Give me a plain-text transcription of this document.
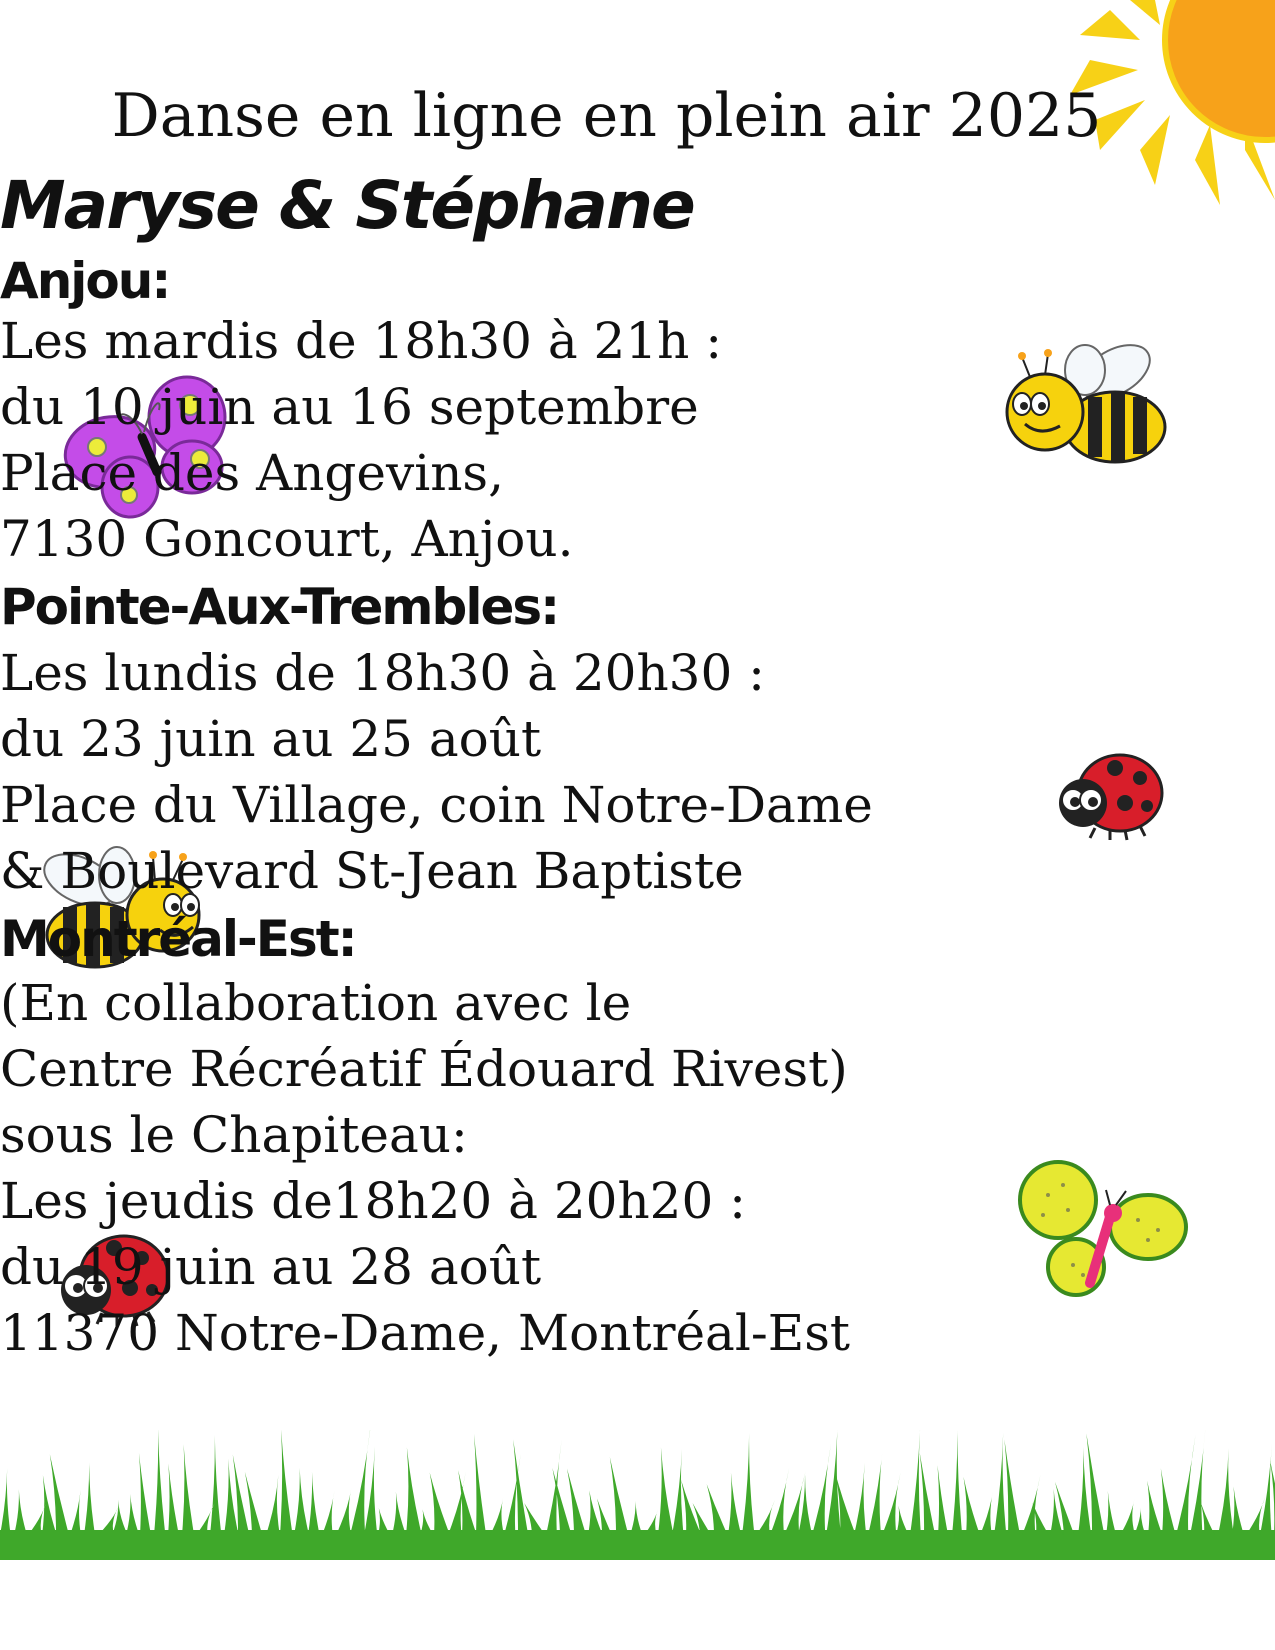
Danse en ligne en plein air 2025
Maryse & Stéphane
Anjou:
Les mardis de 18h30 à 21h :
du 10 juin au 16 septembre
Place des Angevins,
7130 Goncourt, Anjou.
Pointe-Aux-Trembles:
Les lundis de 18h30 à 20h30 :
du 23 juin au 25 août
Place du Village, coin Notre-Dame
& Boulevard St-Jean Baptiste
Montréal-Est:
(En collaboration avec le
Centre Récréatif Édouard Rivest)
sous le Chapiteau:
Les jeudis de18h20 à 20h20 :
du 19 juin au 28 août
11370 Notre-Dame, Montréal-Est
